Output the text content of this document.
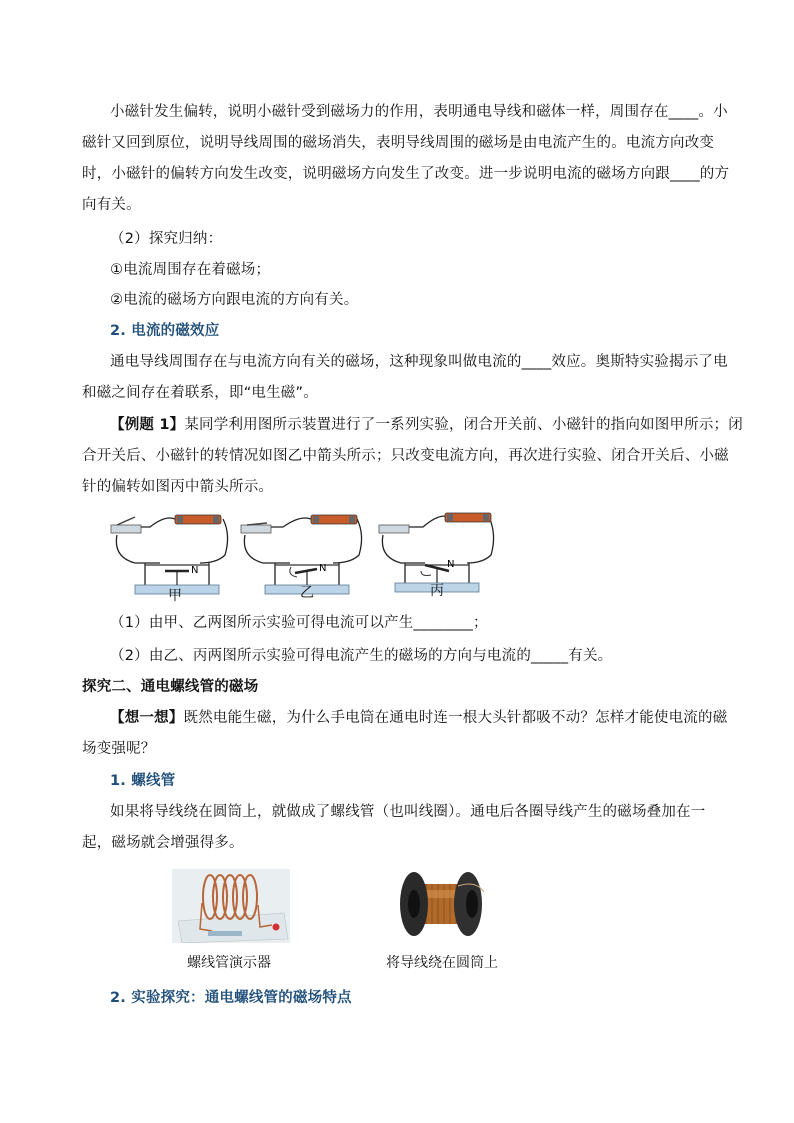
小磁针发生偏转，说明小磁针受到磁场力的作用，表明通电导线和磁体一样，周围存在____。小
磁针又回到原位，说明导线周围的磁场消失，表明导线周围的磁场是由电流产生的。电流方向改变
时，小磁针的偏转方向发生改变，说明磁场方向发生了改变。进一步说明电流的磁场方向跟____的方
向有关。
（2）探究归纳：
①电流周围存在着磁场；
②电流的磁场方向跟电流的方向有关。
2. 电流的磁效应
通电导线周围存在与电流方向有关的磁场，这种现象叫做电流的____效应。奥斯特实验揭示了电
和磁之间存在着联系，即“电生磁”。
【例题 1】某同学利用图所示装置进行了一系列实验，闭合开关前、小磁针的指向如图甲所示；闭
合开关后、小磁针的转情况如图乙中箭头所示；只改变电流方向，再次进行实验、闭合开关后、小磁
针的偏转如图丙中箭头所示。
N	N	N
甲	乙	丙
（1）由甲、乙两图所示实验可得电流可以产生________；
（2）由乙、丙两图所示实验可得电流产生的磁场的方向与电流的_____有关。
探究二、通电螺线管的磁场
【想一想】既然电能生磁，为什么手电筒在通电时连一根大头针都吸不动？怎样才能使电流的磁
场变强呢？
1. 螺线管
如果将导线绕在圆筒上，就做成了螺线管（也叫线圈）。通电后各圈导线产生的磁场叠加在一
起，磁场就会增强得多。
螺线管演示器	将导线绕在圆筒上
2. 实验探究：通电螺线管的磁场特点
